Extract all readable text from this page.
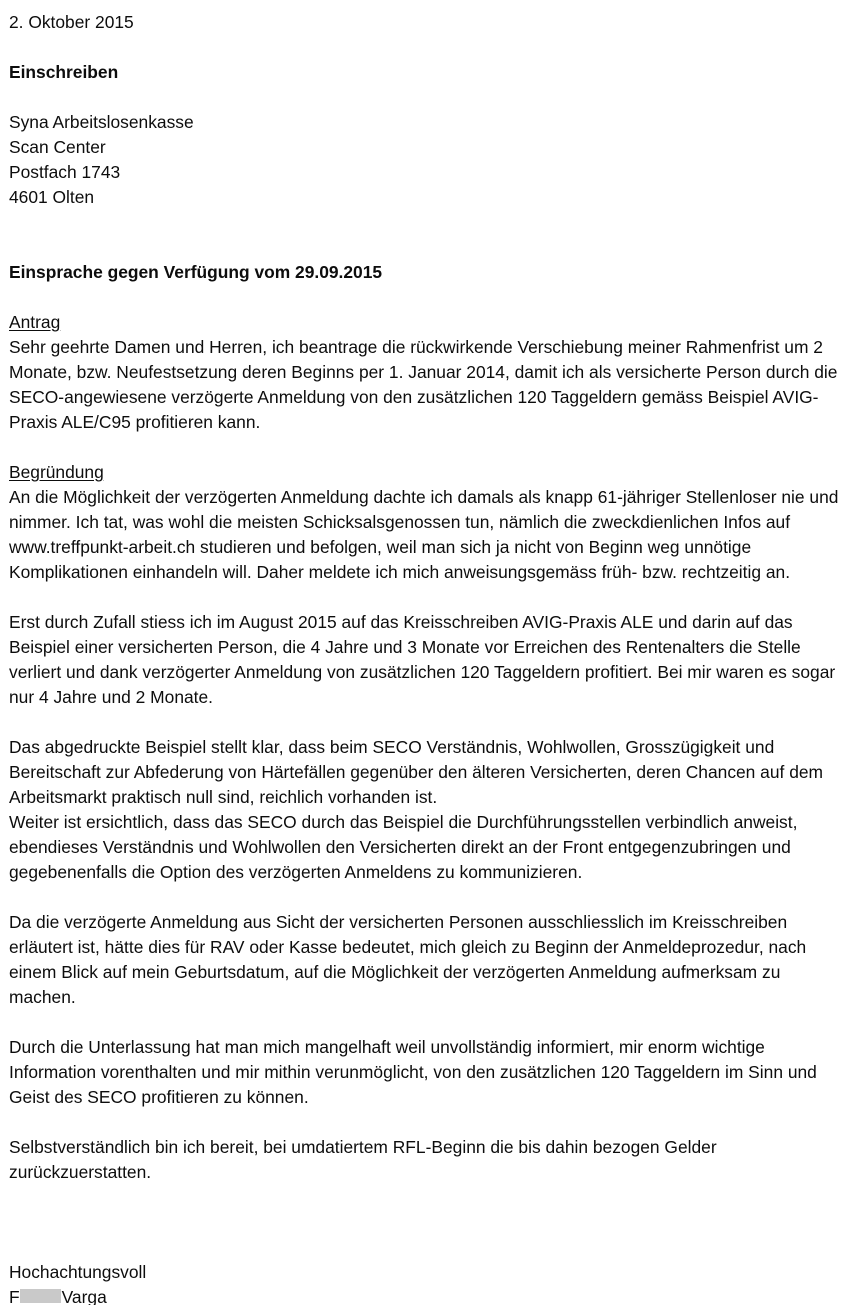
2. Oktober 2015
Einschreiben
Syna Arbeitslosenkasse
Scan Center
Postfach 1743
4601 Olten
Einsprache gegen Verfügung vom 29.09.2015
Antrag
Sehr geehrte Damen und Herren, ich beantrage die rückwirkende Verschiebung meiner Rahmenfrist um 2 Monate, bzw. Neufestsetzung deren Beginns per 1. Januar 2014, damit ich als versicherte Person durch die SECO-angewiesene verzögerte Anmeldung von den zusätzlichen 120 Taggeldern gemäss Beispiel AVIG-Praxis ALE/C95 profitieren kann.
Begründung
An die Möglichkeit der verzögerten Anmeldung dachte ich damals als knapp 61-jähriger Stellenloser nie und nimmer. Ich tat, was wohl die meisten Schicksalsgenossen tun, nämlich die zweckdienlichen Infos auf www.treffpunkt-arbeit.ch studieren und befolgen, weil man sich ja nicht von Beginn weg unnötige Komplikationen einhandeln will. Daher meldete ich mich anweisungsgemäss früh- bzw. rechtzeitig an.
Erst durch Zufall stiess ich im August 2015 auf das Kreisschreiben AVIG-Praxis ALE und darin auf das Beispiel einer versicherten Person, die 4 Jahre und 3 Monate vor Erreichen des Rentenalters die Stelle verliert und dank verzögerter Anmeldung von zusätzlichen 120 Taggeldern profitiert. Bei mir waren es sogar nur 4 Jahre und 2 Monate.
Das abgedruckte Beispiel stellt klar, dass beim SECO Verständnis, Wohlwollen, Grosszügigkeit und Bereitschaft zur Abfederung von Härtefällen gegenüber den älteren Versicherten, deren Chancen auf dem Arbeitsmarkt praktisch null sind, reichlich vorhanden ist.
Weiter ist ersichtlich, dass das SECO durch das Beispiel die Durchführungsstellen verbindlich anweist, ebendieses Verständnis und Wohlwollen den Versicherten direkt an der Front entgegenzubringen und gegebenenfalls die Option des verzögerten Anmeldens zu kommunizieren.
Da die verzögerte Anmeldung aus Sicht der versicherten Personen ausschliesslich im Kreisschreiben erläutert ist, hätte dies für RAV oder Kasse bedeutet, mich gleich zu Beginn der Anmeldeprozedur, nach einem Blick auf mein Geburtsdatum, auf die Möglichkeit der verzögerten Anmeldung aufmerksam zu machen.
Durch die Unterlassung hat man mich mangelhaft weil unvollständig informiert, mir enorm wichtige Information vorenthalten und mir mithin verunmöglicht, von den zusätzlichen 120 Taggeldern im Sinn und Geist des SECO profitieren zu können.
Selbstverständlich bin ich bereit, bei umdatiertem RFL-Beginn die bis dahin bezogen Gelder zurückzuerstatten.
Hochachtungsvoll
F Varga
